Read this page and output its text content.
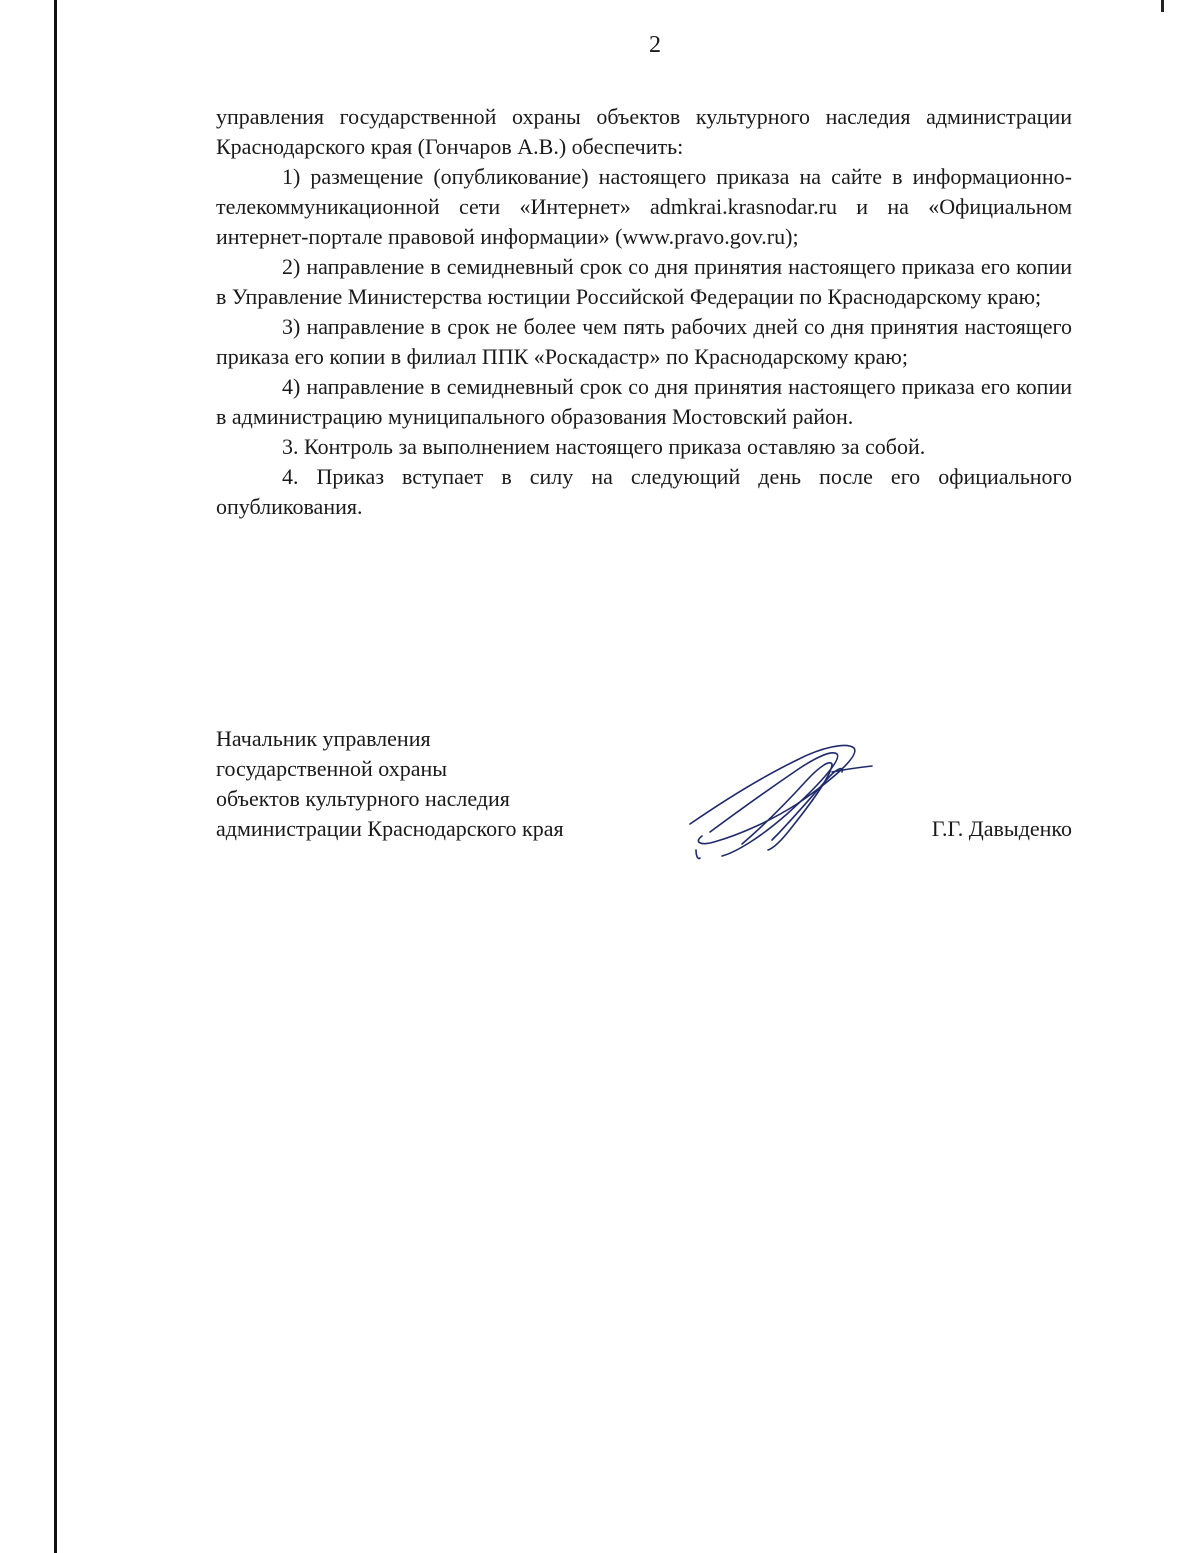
2

управления государственной охраны объектов культурного наследия администрации Краснодарского края (Гончаров А.В.) обеспечить:

1) размещение (опубликование) настоящего приказа на сайте в информационно-телекоммуникационной сети «Интернет» admkrai.krasnodar.ru и на «Официальном интернет-портале правовой информации» (www.pravo.gov.ru);

2) направление в семидневный срок со дня принятия настоящего приказа его копии в Управление Министерства юстиции Российской Федерации по Краснодарскому краю;

3) направление в срок не более чем пять рабочих дней со дня принятия настоящего приказа его копии в филиал ППК «Роскадастр» по Краснодарскому краю;

4) направление в семидневный срок со дня принятия настоящего приказа его копии в администрацию муниципального образования Мостовский район.

3. Контроль за выполнением настоящего приказа оставляю за собой.

4. Приказ вступает в силу на следующий день после его официального опубликования.

Начальник управления
государственной охраны
объектов культурного наследия
администрации Краснодарского края	Г.Г. Давыденко
